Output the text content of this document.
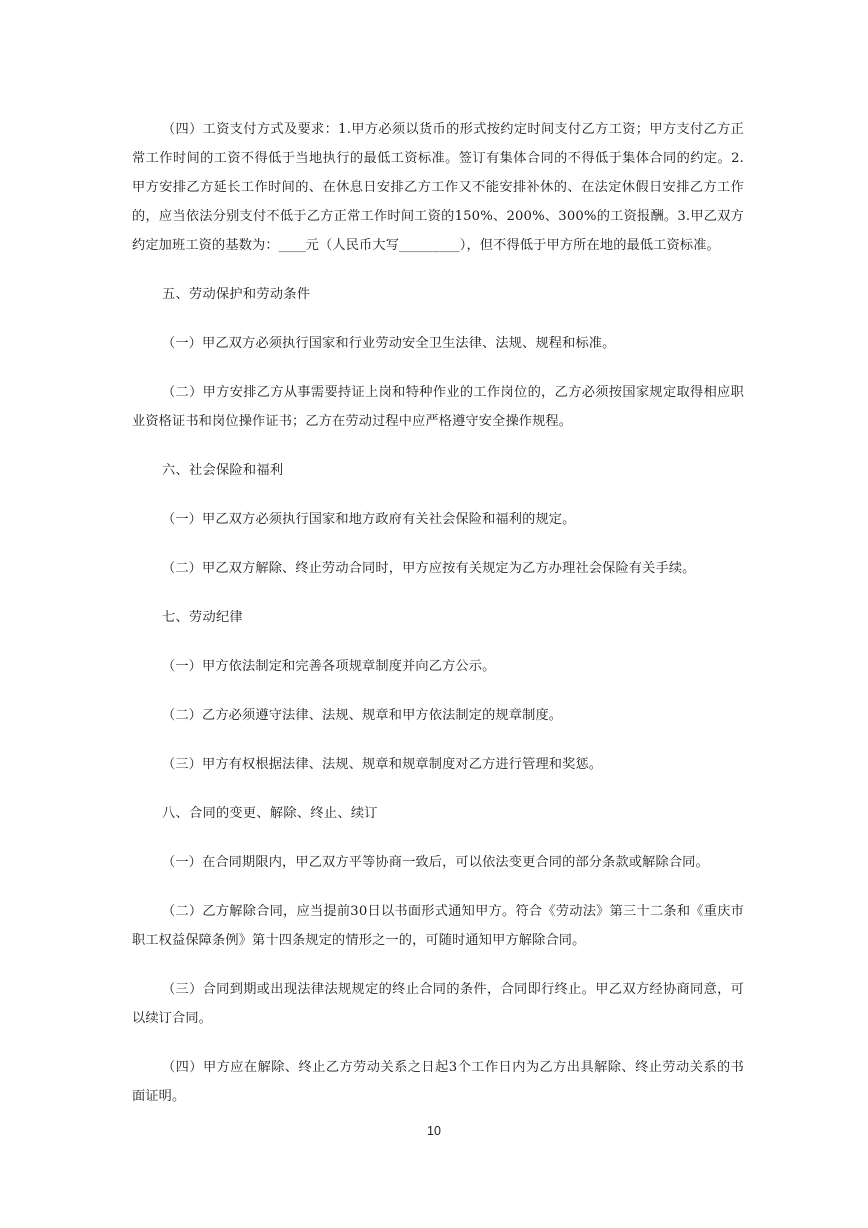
（四）工资支付方式及要求：1.甲方必须以货币的形式按约定时间支付乙方工资；甲方支付乙方正常工作时间的工资不得低于当地执行的最低工资标准。签订有集体合同的不得低于集体合同的约定。2.甲方安排乙方延长工作时间的、在休息日安排乙方工作又不能安排补休的、在法定休假日安排乙方工作的，应当依法分别支付不低于乙方正常工作时间工资的150%、200%、300%的工资报酬。3.甲乙双方约定加班工资的基数为：____元（人民币大写_________），但不得低于甲方所在地的最低工资标准。

五、劳动保护和劳动条件

（一）甲乙双方必须执行国家和行业劳动安全卫生法律、法规、规程和标准。

（二）甲方安排乙方从事需要持证上岗和特种作业的工作岗位的，乙方必须按国家规定取得相应职业资格证书和岗位操作证书；乙方在劳动过程中应严格遵守安全操作规程。

六、社会保险和福利

（一）甲乙双方必须执行国家和地方政府有关社会保险和福利的规定。

（二）甲乙双方解除、终止劳动合同时，甲方应按有关规定为乙方办理社会保险有关手续。

七、劳动纪律

（一）甲方依法制定和完善各项规章制度并向乙方公示。

（二）乙方必须遵守法律、法规、规章和甲方依法制定的规章制度。

（三）甲方有权根据法律、法规、规章和规章制度对乙方进行管理和奖惩。

八、合同的变更、解除、终止、续订

（一）在合同期限内，甲乙双方平等协商一致后，可以依法变更合同的部分条款或解除合同。

（二）乙方解除合同，应当提前30日以书面形式通知甲方。符合《劳动法》第三十二条和《重庆市职工权益保障条例》第十四条规定的情形之一的，可随时通知甲方解除合同。

（三）合同到期或出现法律法规规定的终止合同的条件，合同即行终止。甲乙双方经协商同意，可以续订合同。

（四）甲方应在解除、终止乙方劳动关系之日起3个工作日内为乙方出具解除、终止劳动关系的书面证明。

10
